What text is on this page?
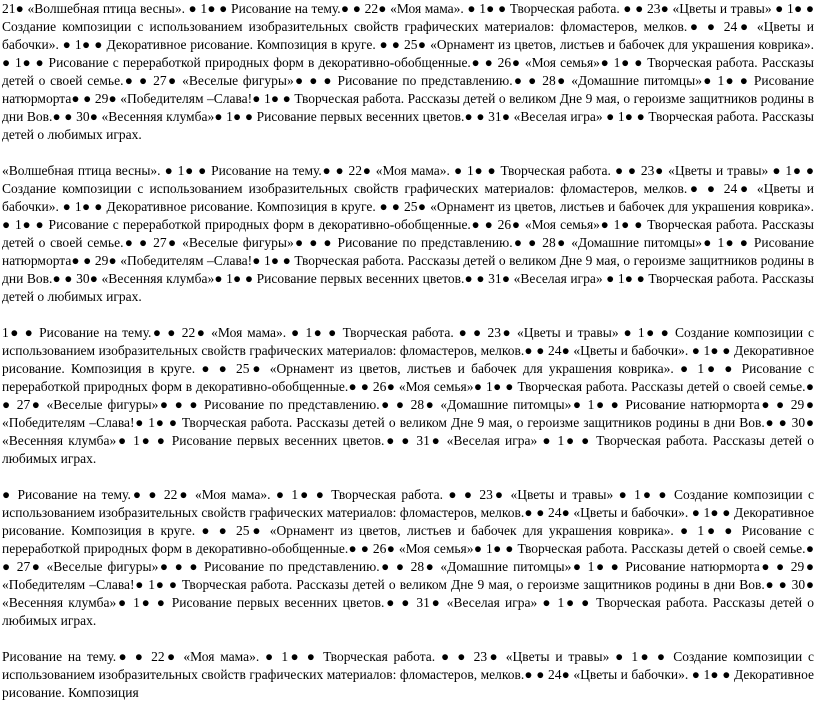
21● «Волшебная птица весны». ● 1● ● Рисование на тему.● ● 22● «Моя мама». ● 1● ● Творческая работа. ● ● 23● «Цветы и травы» ● 1● ● Создание композиции с использованием изобразительных свойств графических материалов: фломастеров, мелков.● ● 24● «Цветы и бабочки». ● 1● ● Декоративное рисование. Композиция в круге. ● ● 25● «Орнамент из цветов, листьев и бабочек для украшения коврика». ● 1● ● Рисование с переработкой природных форм в декоративно-обобщенные.● ● 26● «Моя семья»● 1● ● Творческая работа. Рассказы детей о своей семье.● ● 27● «Веселые фигуры»● ● ● Рисование по представлению.● ● 28● «Домашние питомцы»● 1● ● Рисование натюрморта● ● 29● «Победителям –Слава!● 1● ● Творческая работа. Рассказы детей о великом Дне 9 мая, о героизме защитников родины в дни Вов.● ● 30● «Весенняя клумба»● 1● ● Рисование первых весенних цветов.● ● 31● «Веселая игра» ● 1● ● Творческая работа. Рассказы детей о любимых играх.

«Волшебная птица весны». ● 1● ● Рисование на тему.● ● 22● «Моя мама». ● 1● ● Творческая работа. ● ● 23● «Цветы и травы» ● 1● ● Создание композиции с использованием изобразительных свойств графических материалов: фломастеров, мелков.● ● 24● «Цветы и бабочки». ● 1● ● Декоративное рисование. Композиция в круге. ● ● 25● «Орнамент из цветов, листьев и бабочек для украшения коврика». ● 1● ● Рисование с переработкой природных форм в декоративно-обобщенные.● ● 26● «Моя семья»● 1● ● Творческая работа. Рассказы детей о своей семье.● ● 27● «Веселые фигуры»● ● ● Рисование по представлению.● ● 28● «Домашние питомцы»● 1● ● Рисование натюрморта● ● 29● «Победителям –Слава!● 1● ● Творческая работа. Рассказы детей о великом Дне 9 мая, о героизме защитников родины в дни Вов.● ● 30● «Весенняя клумба»● 1● ● Рисование первых весенних цветов.● ● 31● «Веселая игра» ● 1● ● Творческая работа. Рассказы детей о любимых играх.

1● ● Рисование на тему.● ● 22● «Моя мама». ● 1● ● Творческая работа. ● ● 23● «Цветы и травы» ● 1● ● Создание композиции с использованием изобразительных свойств графических материалов: фломастеров, мелков.● ● 24● «Цветы и бабочки». ● 1● ● Декоративное рисование. Композиция в круге. ● ● 25● «Орнамент из цветов, листьев и бабочек для украшения коврика». ● 1● ● Рисование с переработкой природных форм в декоративно-обобщенные.● ● 26● «Моя семья»● 1● ● Творческая работа. Рассказы детей о своей семье.● ● 27● «Веселые фигуры»● ● ● Рисование по представлению.● ● 28● «Домашние питомцы»● 1● ● Рисование натюрморта● ● 29● «Победителям –Слава!● 1● ● Творческая работа. Рассказы детей о великом Дне 9 мая, о героизме защитников родины в дни Вов.● ● 30● «Весенняя клумба»● 1● ● Рисование первых весенних цветов.● ● 31● «Веселая игра» ● 1● ● Творческая работа. Рассказы детей о любимых играх.

● Рисование на тему.● ● 22● «Моя мама». ● 1● ● Творческая работа. ● ● 23● «Цветы и травы» ● 1● ● Создание композиции с использованием изобразительных свойств графических материалов: фломастеров, мелков.● ● 24● «Цветы и бабочки». ● 1● ● Декоративное рисование. Композиция в круге. ● ● 25● «Орнамент из цветов, листьев и бабочек для украшения коврика». ● 1● ● Рисование с переработкой природных форм в декоративно-обобщенные.● ● 26● «Моя семья»● 1● ● Творческая работа. Рассказы детей о своей семье.● ● 27● «Веселые фигуры»● ● ● Рисование по представлению.● ● 28● «Домашние питомцы»● 1● ● Рисование натюрморта● ● 29● «Победителям –Слава!● 1● ● Творческая работа. Рассказы детей о великом Дне 9 мая, о героизме защитников родины в дни Вов.● ● 30● «Весенняя клумба»● 1● ● Рисование первых весенних цветов.● ● 31● «Веселая игра» ● 1● ● Творческая работа. Рассказы детей о любимых играх.

Рисование на тему.● ● 22● «Моя мама». ● 1● ● Творческая работа. ● ● 23● «Цветы и травы» ● 1● ● Создание композиции с использованием изобразительных свойств графических материалов: фломастеров, мелков.● ● 24● «Цветы и бабочки». ● 1● ● Декоративное рисование. Композиция
